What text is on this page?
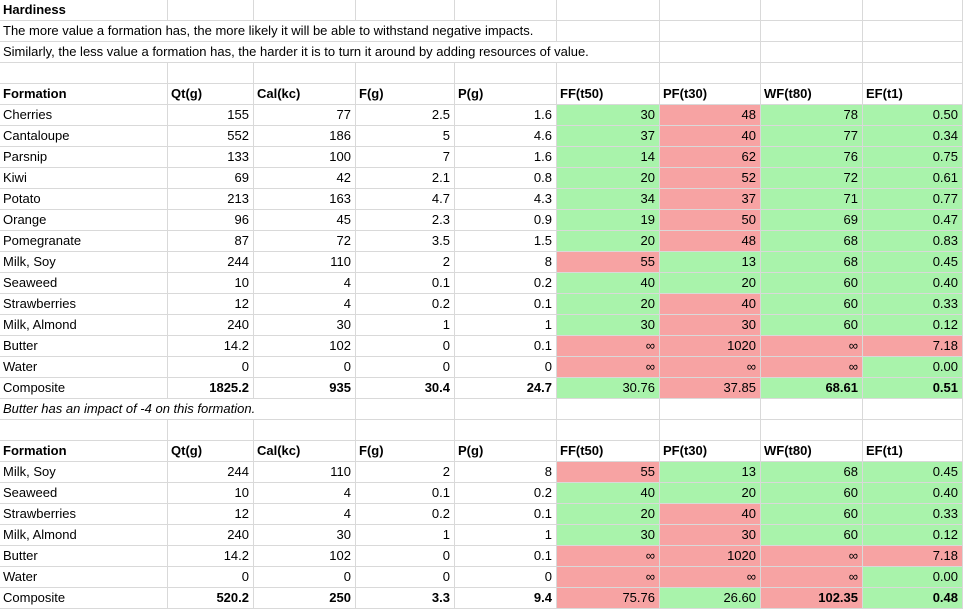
Hardiness
The more value a formation has, the more likely it will be able to withstand negative impacts.
Similarly, the less value a formation has, the harder it is to turn it around by adding resources of value.
Formation	Qt(g)	Cal(kc)	F(g)	P(g)	FF(t50)	PF(t30)	WF(t80)	EF(t1)
Cherries	155	77	2.5	1.6	30	48	78	0.50
Cantaloupe	552	186	5	4.6	37	40	77	0.34
Parsnip	133	100	7	1.6	14	62	76	0.75
Kiwi	69	42	2.1	0.8	20	52	72	0.61
Potato	213	163	4.7	4.3	34	37	71	0.77
Orange	96	45	2.3	0.9	19	50	69	0.47
Pomegranate	87	72	3.5	1.5	20	48	68	0.83
Milk, Soy	244	110	2	8	55	13	68	0.45
Seaweed	10	4	0.1	0.2	40	20	60	0.40
Strawberries	12	4	0.2	0.1	20	40	60	0.33
Milk, Almond	240	30	1	1	30	30	60	0.12
Butter	14.2	102	0	0.1	∞	1020	∞	7.18
Water	0	0	0	0	∞	∞	∞	0.00
Composite	1825.2	935	30.4	24.7	30.76	37.85	68.61	0.51
Butter has an impact of -4 on this formation.
Formation	Qt(g)	Cal(kc)	F(g)	P(g)	FF(t50)	PF(t30)	WF(t80)	EF(t1)
Milk, Soy	244	110	2	8	55	13	68	0.45
Seaweed	10	4	0.1	0.2	40	20	60	0.40
Strawberries	12	4	0.2	0.1	20	40	60	0.33
Milk, Almond	240	30	1	1	30	30	60	0.12
Butter	14.2	102	0	0.1	∞	1020	∞	7.18
Water	0	0	0	0	∞	∞	∞	0.00
Composite	520.2	250	3.3	9.4	75.76	26.60	102.35	0.48
